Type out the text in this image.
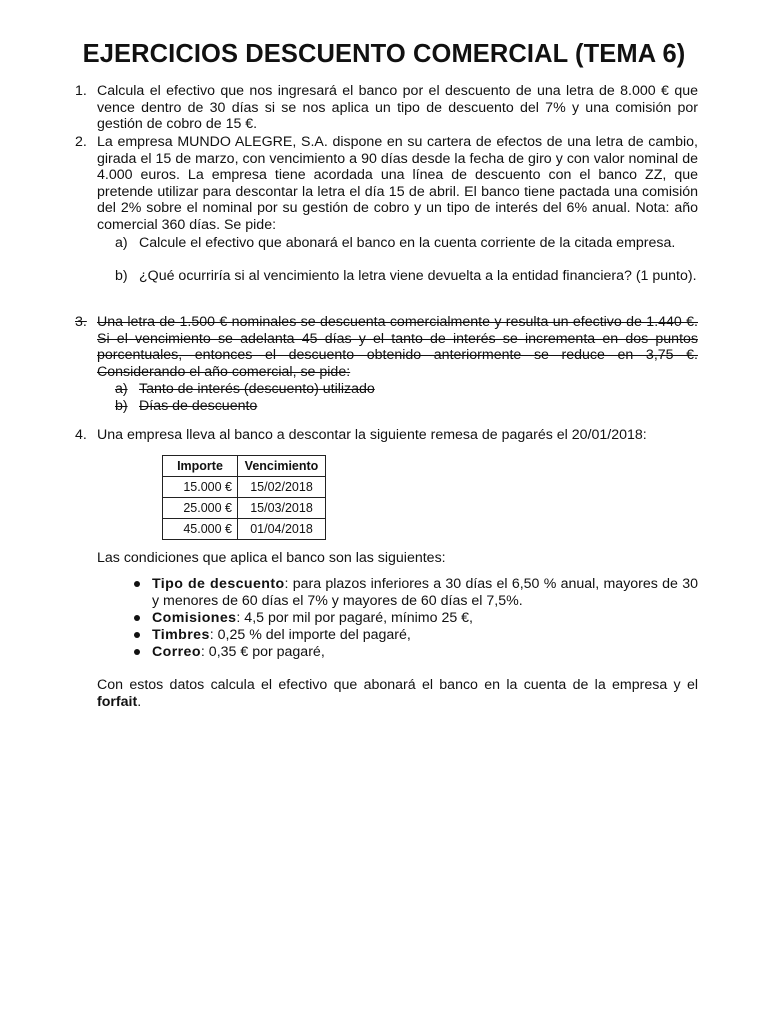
EJERCICIOS DESCUENTO COMERCIAL (TEMA 6)

1. Calcula el efectivo que nos ingresará el banco por el descuento de una letra de 8.000 € que vence dentro de 30 días si se nos aplica un tipo de descuento del 7% y una comisión por gestión de cobro de 15 €.

2. La empresa MUNDO ALEGRE, S.A. dispone en su cartera de efectos de una letra de cambio, girada el 15 de marzo, con vencimiento a 90 días desde la fecha de giro y con valor nominal de 4.000 euros. La empresa tiene acordada una línea de descuento con el banco ZZ, que pretende utilizar para descontar la letra el día 15 de abril. El banco tiene pactada una comisión del 2% sobre el nominal por su gestión de cobro y un tipo de interés del 6% anual. Nota: año comercial 360 días. Se pide:

a) Calcule el efectivo que abonará el banco en la cuenta corriente de la citada empresa.

b) ¿Qué ocurriría si al vencimiento la letra viene devuelta a la entidad financiera? (1 punto).

3. Una letra de 1.500 € nominales se descuenta comercialmente y resulta un efectivo de 1.440 €. Si el vencimiento se adelanta 45 días y el tanto de interés se incrementa en dos puntos porcentuales, entonces el descuento obtenido anteriormente se reduce en 3,75 €. Considerando el año comercial, se pide:

a) Tanto de interés (descuento) utilizado

b) Días de descuento

4. Una empresa lleva al banco a descontar la siguiente remesa de pagarés el 20/01/2018:

Importe	Vencimiento
15.000 €	15/02/2018
25.000 €	15/03/2018
45.000 €	01/04/2018

Las condiciones que aplica el banco son las siguientes:

Tipo de descuento: para plazos inferiores a 30 días el 6,50 % anual, mayores de 30 y menores de 60 días el 7% y mayores de 60 días el 7,5%.

Comisiones: 4,5 por mil por pagaré, mínimo 25 €,

Timbres: 0,25 % del importe del pagaré,

Correo: 0,35 € por pagaré,

Con estos datos calcula el efectivo que abonará el banco en la cuenta de la empresa y el forfait.
